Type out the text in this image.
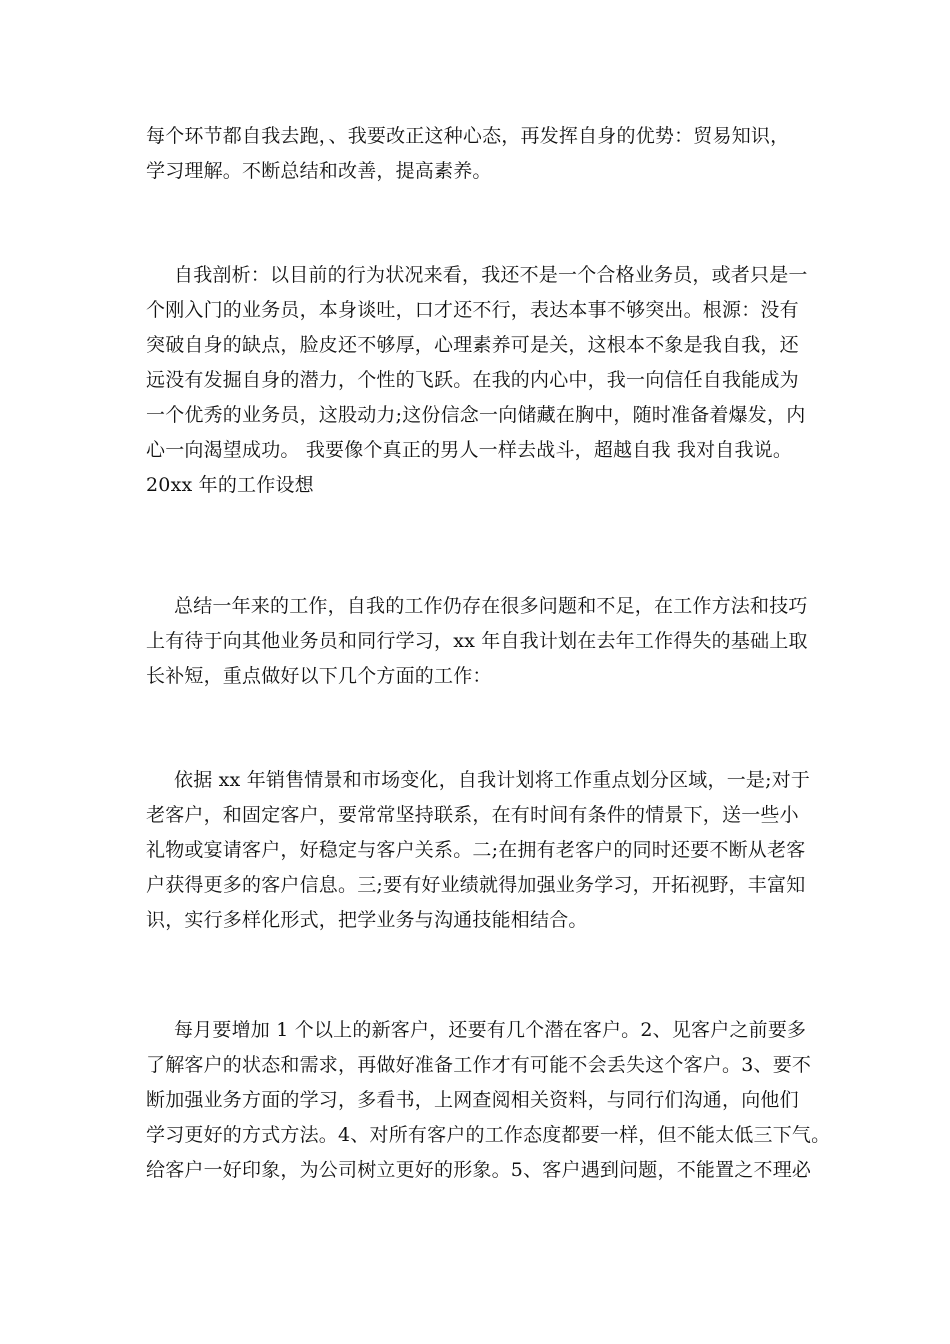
每个环节都自我去跑，、我要改正这种心态，再发挥自身的优势：贸易知识，
学习理解。不断总结和改善，提高素养。
自我剖析：以目前的行为状况来看，我还不是一个合格业务员，或者只是一
个刚入门的业务员，本身谈吐，口才还不行，表达本事不够突出。根源：没有
突破自身的缺点，脸皮还不够厚，心理素养可是关，这根本不象是我自我，还
远没有发掘自身的潜力，个性的飞跃。在我的内心中，我一向信任自我能成为
一个优秀的业务员，这股动力;这份信念一向储藏在胸中，随时准备着爆发，内
心一向渴望成功。 我要像个真正的男人一样去战斗，超越自我 我对自我说。
20xx 年的工作设想
总结一年来的工作，自我的工作仍存在很多问题和不足，在工作方法和技巧
上有待于向其他业务员和同行学习，xx 年自我计划在去年工作得失的基础上取
长补短，重点做好以下几个方面的工作：
依据 xx 年销售情景和市场变化，自我计划将工作重点划分区域，一是;对于
老客户，和固定客户，要常常坚持联系，在有时间有条件的情景下，送一些小
礼物或宴请客户，好稳定与客户关系。二;在拥有老客户的同时还要不断从老客
户获得更多的客户信息。三;要有好业绩就得加强业务学习，开拓视野，丰富知
识，实行多样化形式，把学业务与沟通技能相结合。
每月要增加 1 个以上的新客户，还要有几个潜在客户。2、见客户之前要多
了解客户的状态和需求，再做好准备工作才有可能不会丢失这个客户。3、要不
断加强业务方面的学习，多看书，上网查阅相关资料，与同行们沟通，向他们
学习更好的方式方法。4、对所有客户的工作态度都要一样，但不能太低三下气。
给客户一好印象，为公司树立更好的形象。5、客户遇到问题，不能置之不理必
